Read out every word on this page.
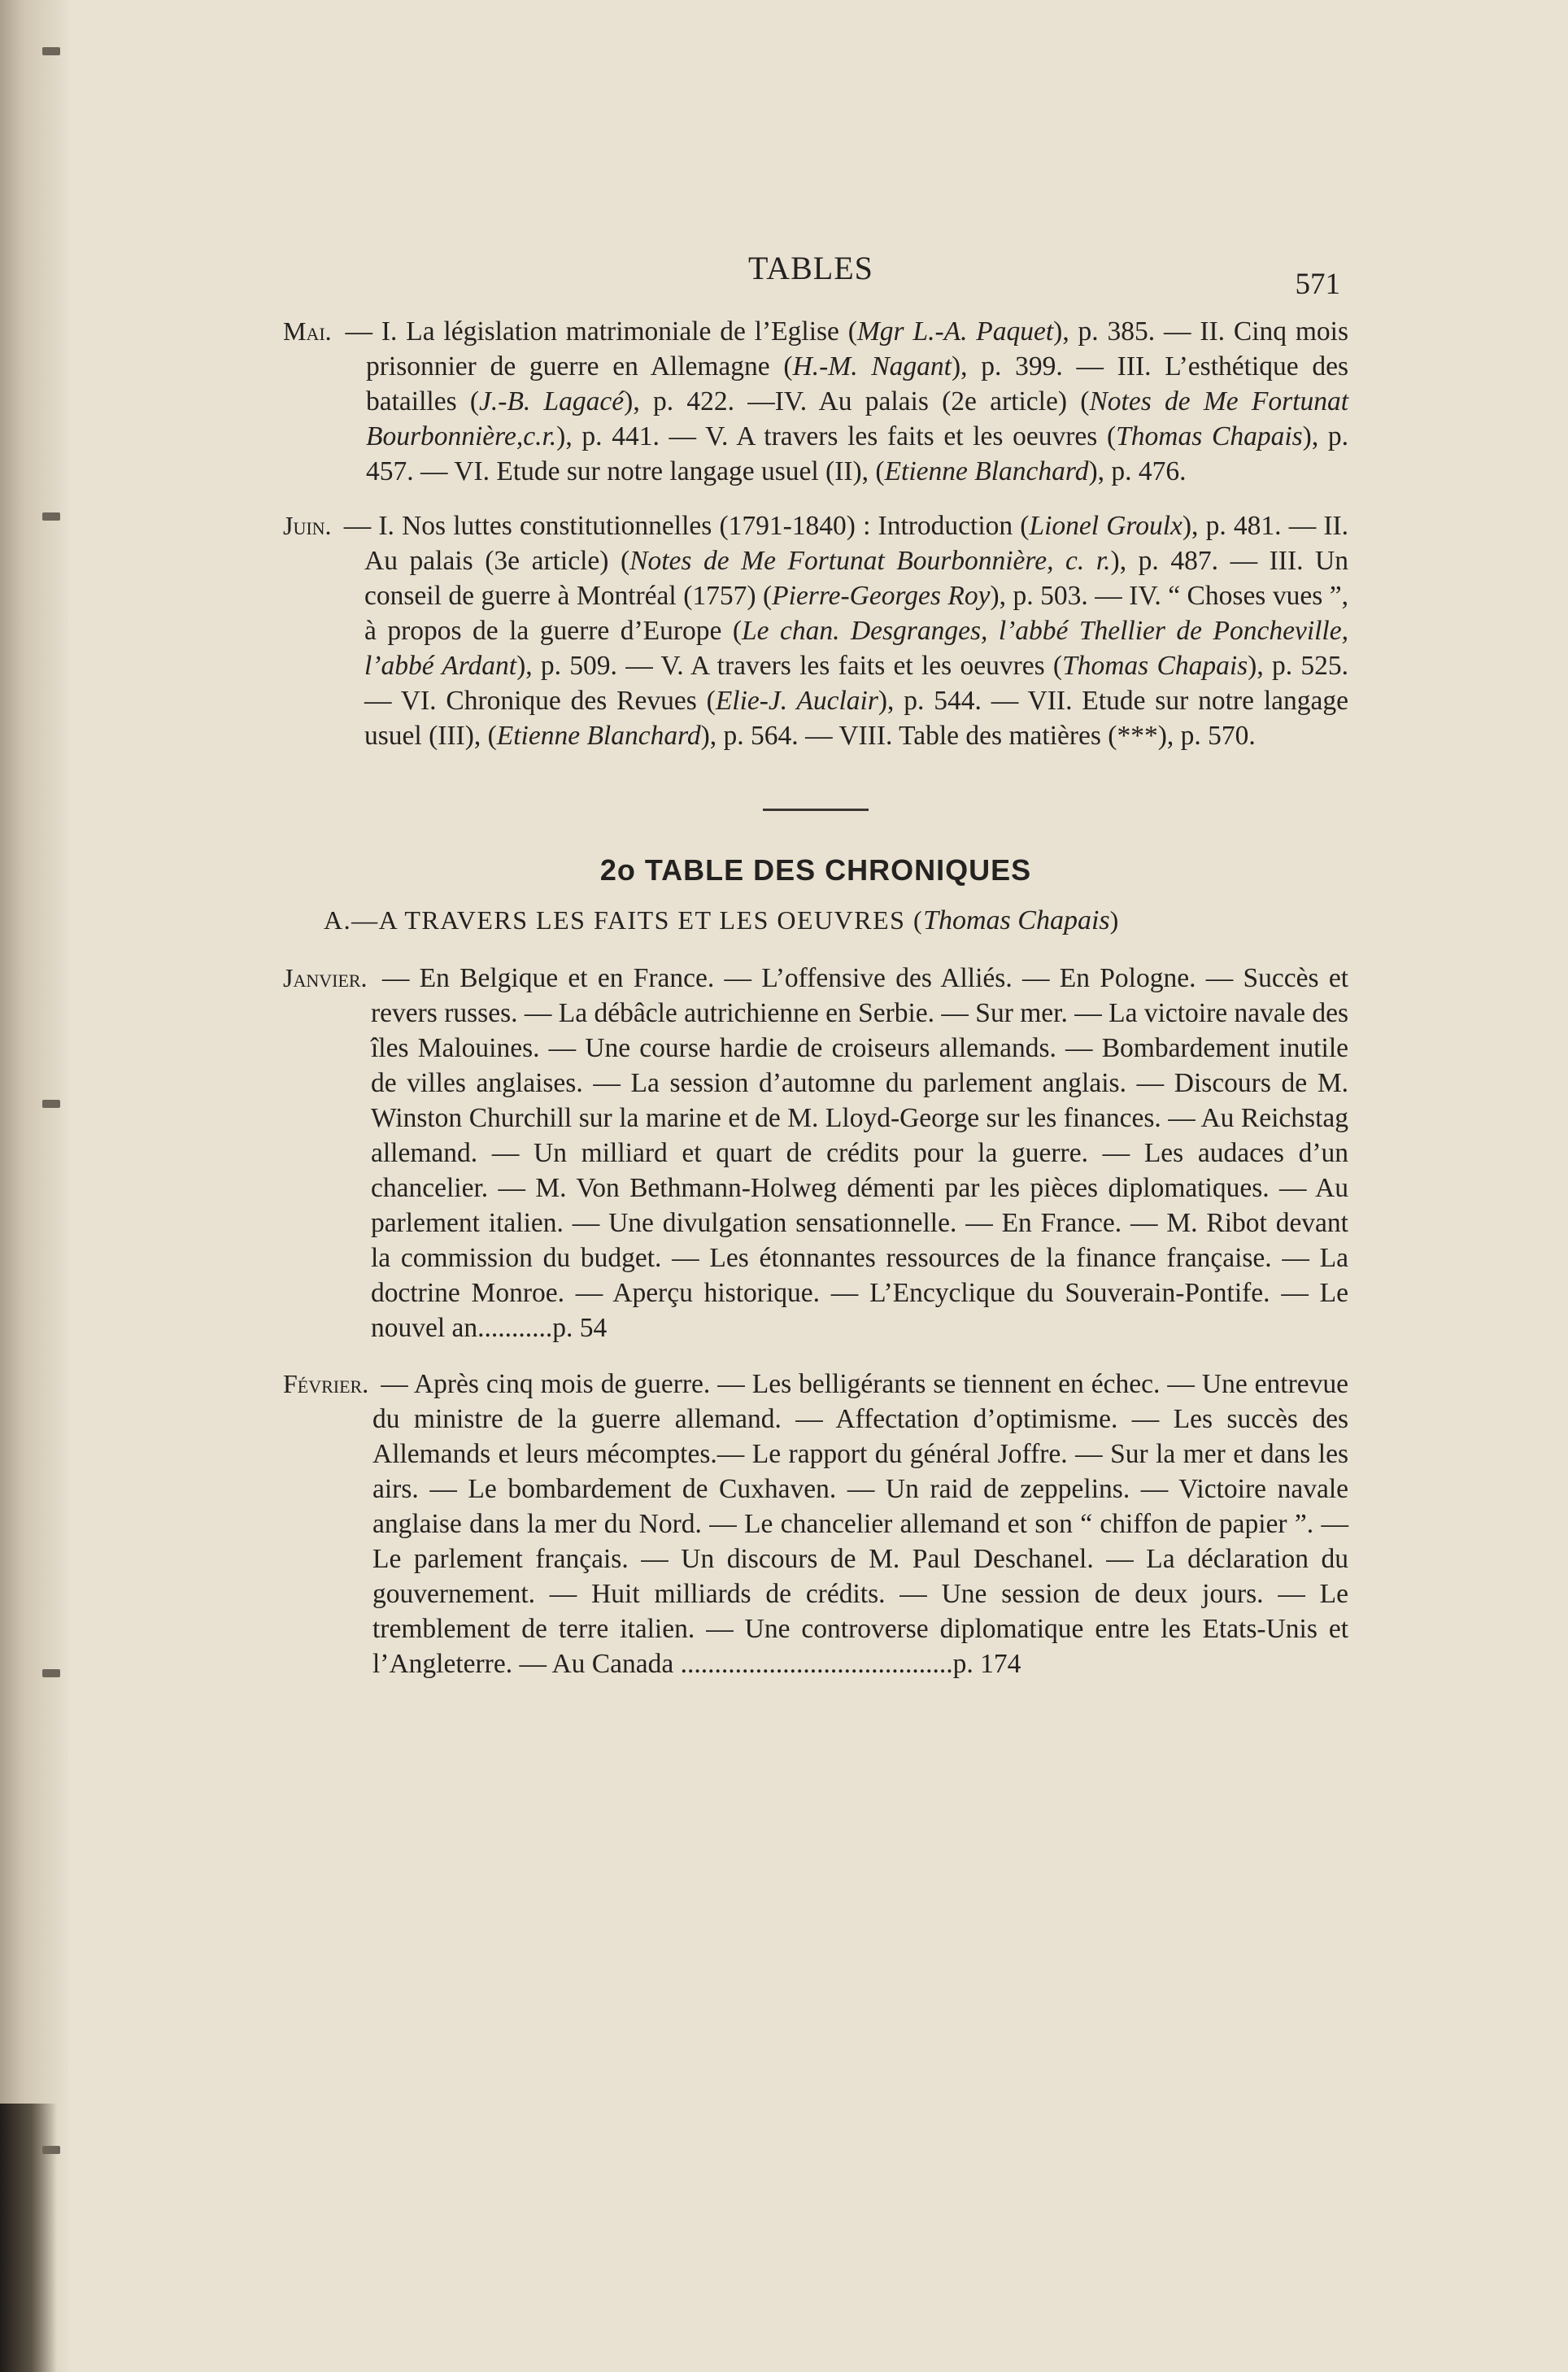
TABLES	571

Mai. — I. La législation matrimoniale de l’Eglise (Mgr L.-A. Paquet), p. 385. — II. Cinq mois prisonnier de guerre en Allemagne (H.-M. Nagant), p. 399. — III. L’esthétique des batailles (J.-B. Lagacé), p. 422. —IV. Au palais (2e article) (Notes de Me Fortunat Bourbonnière,c.r.), p. 441. — V. A travers les faits et les oeuvres (Thomas Chapais), p. 457. — VI. Etude sur notre langage usuel (II), (Etienne Blanchard), p. 476.

Juin. — I. Nos luttes constitutionnelles (1791-1840) : Introduction (Lionel Groulx), p. 481. — II. Au palais (3e article) (Notes de Me Fortunat Bourbonnière, c. r.), p. 487. — III. Un conseil de guerre à Montréal (1757) (Pierre-Georges Roy), p. 503. — IV. “ Choses vues ”, à propos de la guerre d’Europe (Le chan. Desgranges, l’abbé Thellier de Poncheville, l’abbé Ardant), p. 509. — V. A travers les faits et les oeuvres (Thomas Chapais), p. 525. — VI. Chronique des Revues (Elie-J. Auclair), p. 544. — VII. Etude sur notre langage usuel (III), (Etienne Blanchard), p. 564. — VIII. Table des matières (***), p. 570.

2o TABLE DES CHRONIQUES
A.—A TRAVERS LES FAITS ET LES OEUVRES (Thomas Chapais)

Janvier. — En Belgique et en France. — L’offensive des Alliés. — En Pologne. — Succès et revers russes. — La débâcle autrichienne en Serbie. — Sur mer. — La victoire navale des îles Malouines. — Une course hardie de croiseurs allemands. — Bombardement inutile de villes anglaises. — La session d’automne du parlement anglais. — Discours de M. Winston Churchill sur la marine et de M. Lloyd-George sur les finances. — Au Reichstag allemand. — Un milliard et quart de crédits pour la guerre. — Les audaces d’un chancelier. — M. Von Bethmann-Holweg démenti par les pièces diplomatiques. — Au parlement italien. — Une divulgation sensationnelle. — En France. — M. Ribot devant la commission du budget. — Les étonnantes ressources de la finance française. — La doctrine Monroe. — Aperçu historique. — L’Encyclique du Souverain-Pontife. — Le nouvel an...........p. 54

Février. — Après cinq mois de guerre. — Les belligérants se tiennent en échec. — Une entrevue du ministre de la guerre allemand. — Affectation d’optimisme. — Les succès des Allemands et leurs mécomptes.— Le rapport du général Joffre. — Sur la mer et dans les airs. — Le bombardement de Cuxhaven. — Un raid de zeppelins. — Victoire navale anglaise dans la mer du Nord. — Le chancelier allemand et son “ chiffon de papier ”. — Le parlement français. — Un discours de M. Paul Deschanel. — La déclaration du gouvernement. — Huit milliards de crédits. — Une session de deux jours. — Le tremblement de terre italien. — Une controverse diplomatique entre les Etats-Unis et l’Angleterre. — Au Canada ........................................p. 174
